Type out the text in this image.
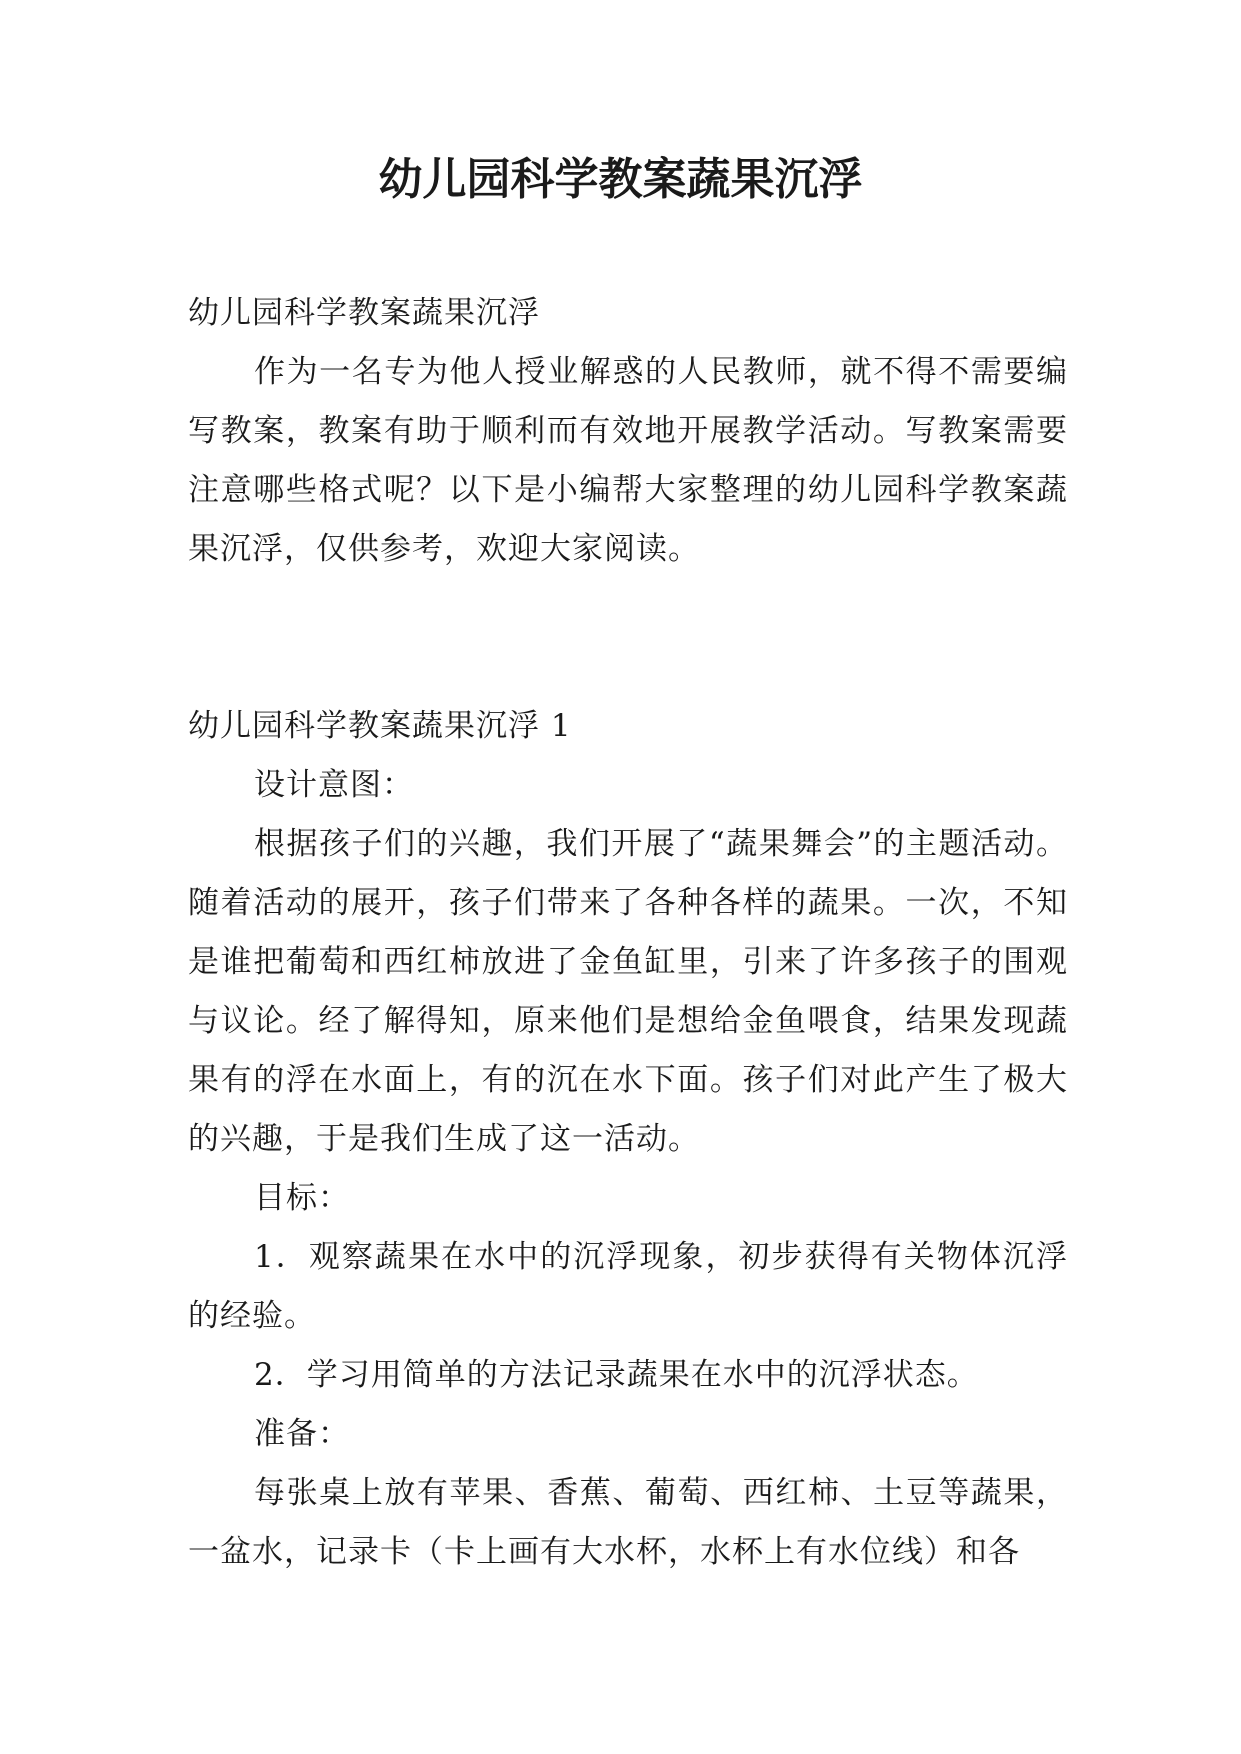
幼儿园科学教案蔬果沉浮

幼儿园科学教案蔬果沉浮

作为一名专为他人授业解惑的人民教师，就不得不需要编写教案，教案有助于顺利而有效地开展教学活动。写教案需要注意哪些格式呢？以下是小编帮大家整理的幼儿园科学教案蔬果沉浮，仅供参考，欢迎大家阅读。

幼儿园科学教案蔬果沉浮 1

设计意图：

根据孩子们的兴趣，我们开展了“蔬果舞会”的主题活动。随着活动的展开，孩子们带来了各种各样的蔬果。一次，不知是谁把葡萄和西红柿放进了金鱼缸里，引来了许多孩子的围观与议论。经了解得知，原来他们是想给金鱼喂食，结果发现蔬果有的浮在水面上，有的沉在水下面。孩子们对此产生了极大的兴趣，于是我们生成了这一活动。

目标：

1．观察蔬果在水中的沉浮现象，初步获得有关物体沉浮的经验。

2．学习用简单的方法记录蔬果在水中的沉浮状态。

准备：

每张桌上放有苹果、香蕉、葡萄、西红柿、土豆等蔬果，一盆水，记录卡（卡上画有大水杯，水杯上有水位线）和各
